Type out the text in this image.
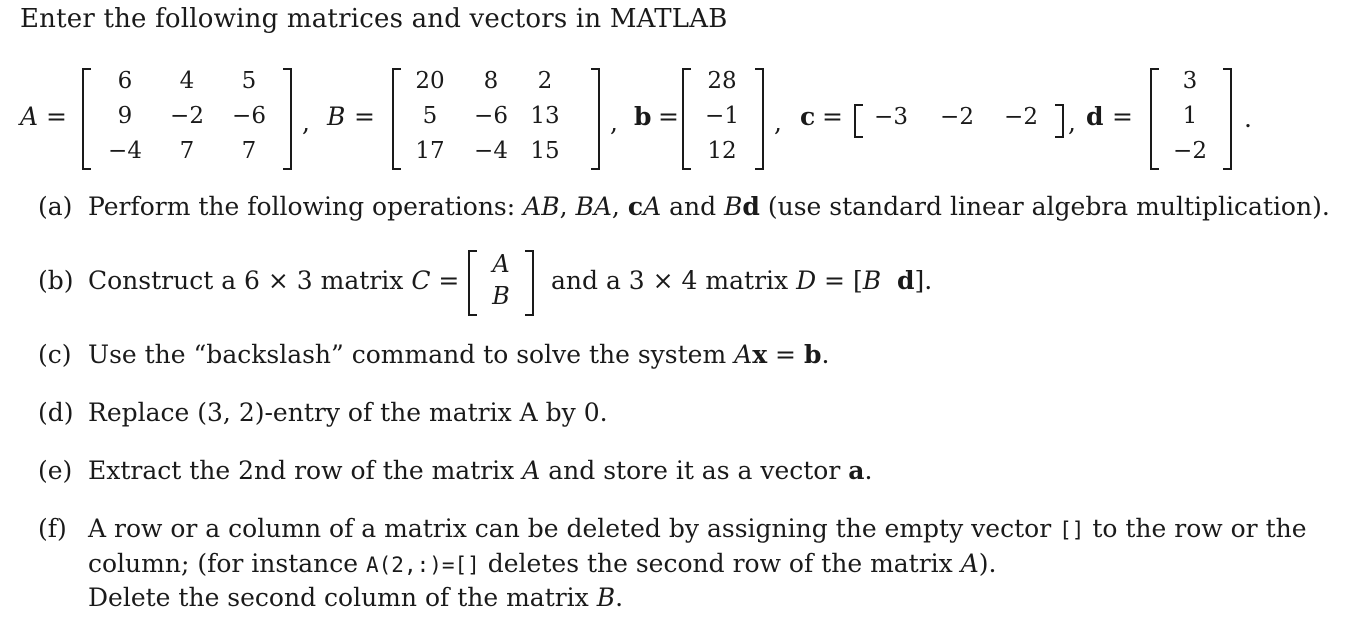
Enter the following matrices and vectors in MATLAB
A =
6	4	5
9	−2	−6
−4	7	7
, B =
20	8	2
5	−6 13
17	−4 15
, b =
28
−1
12
, c =	−3	−2	−2	, d =
3
1
−2
.
(a) Perform the following operations: AB, BA, cA and Bd (use standard linear algebra multiplication).
(b) Construct a 6 × 3 matrix C =
A
B
and a 3 × 4 matrix D = [B d].
(c) Use the “backslash” command to solve the system Ax = b.
(d) Replace (3, 2)-entry of the matrix A by 0.
(e) Extract the 2nd row of the matrix A and store it as a vector a.
(f) A row or a column of a matrix can be deleted by assigning the empty vector [] to the row or the
column; (for instance A(2,:)=[] deletes the second row of the matrix A).
Delete the second column of the matrix B.
